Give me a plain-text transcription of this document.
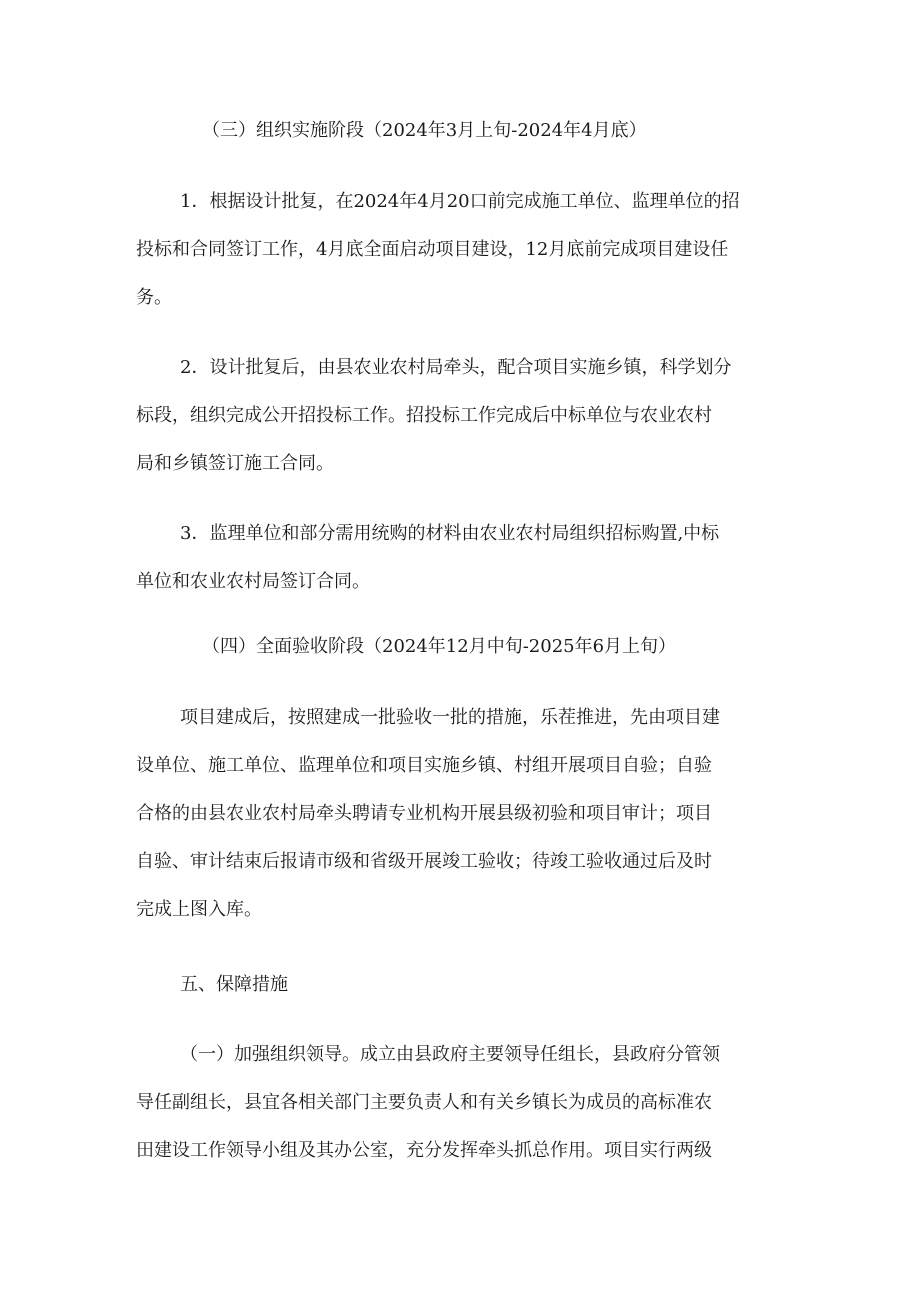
（三）组织实施阶段（2024年3月上旬-2024年4月底）

1．根据设计批复，在2024年4月20口前完成施工单位、监理单位的招

投标和合同签订工作，4月底全面启动项目建设，12月底前完成项目建设任

务。

2．设计批复后，由县农业农村局牵头，配合项目实施乡镇，科学划分

标段，组织完成公开招投标工作。招投标工作完成后中标单位与农业农村

局和乡镇签订施工合同。

3．监理单位和部分需用统购的材料由农业农村局组织招标购置,中标

单位和农业农村局签订合同。

（四）全面验收阶段（2024年12月中旬-2025年6月上旬）

项目建成后，按照建成一批验收一批的措施，乐茬推进，先由项目建

设单位、施工单位、监理单位和项目实施乡镇、村组开展项目自验；自验

合格的由县农业农村局牵头聘请专业机构开展县级初验和项目审计；项目

自验、审计结束后报请市级和省级开展竣工验收；待竣工验收通过后及时

完成上图入库。

五、保障措施

（一）加强组织领导。成立由县政府主要领导任组长，县政府分管领

导任副组长，县宜各相关部门主要负责人和有关乡镇长为成员的高标准农

田建设工作领导小组及其办公室，充分发挥牵头抓总作用。项目实行两级
